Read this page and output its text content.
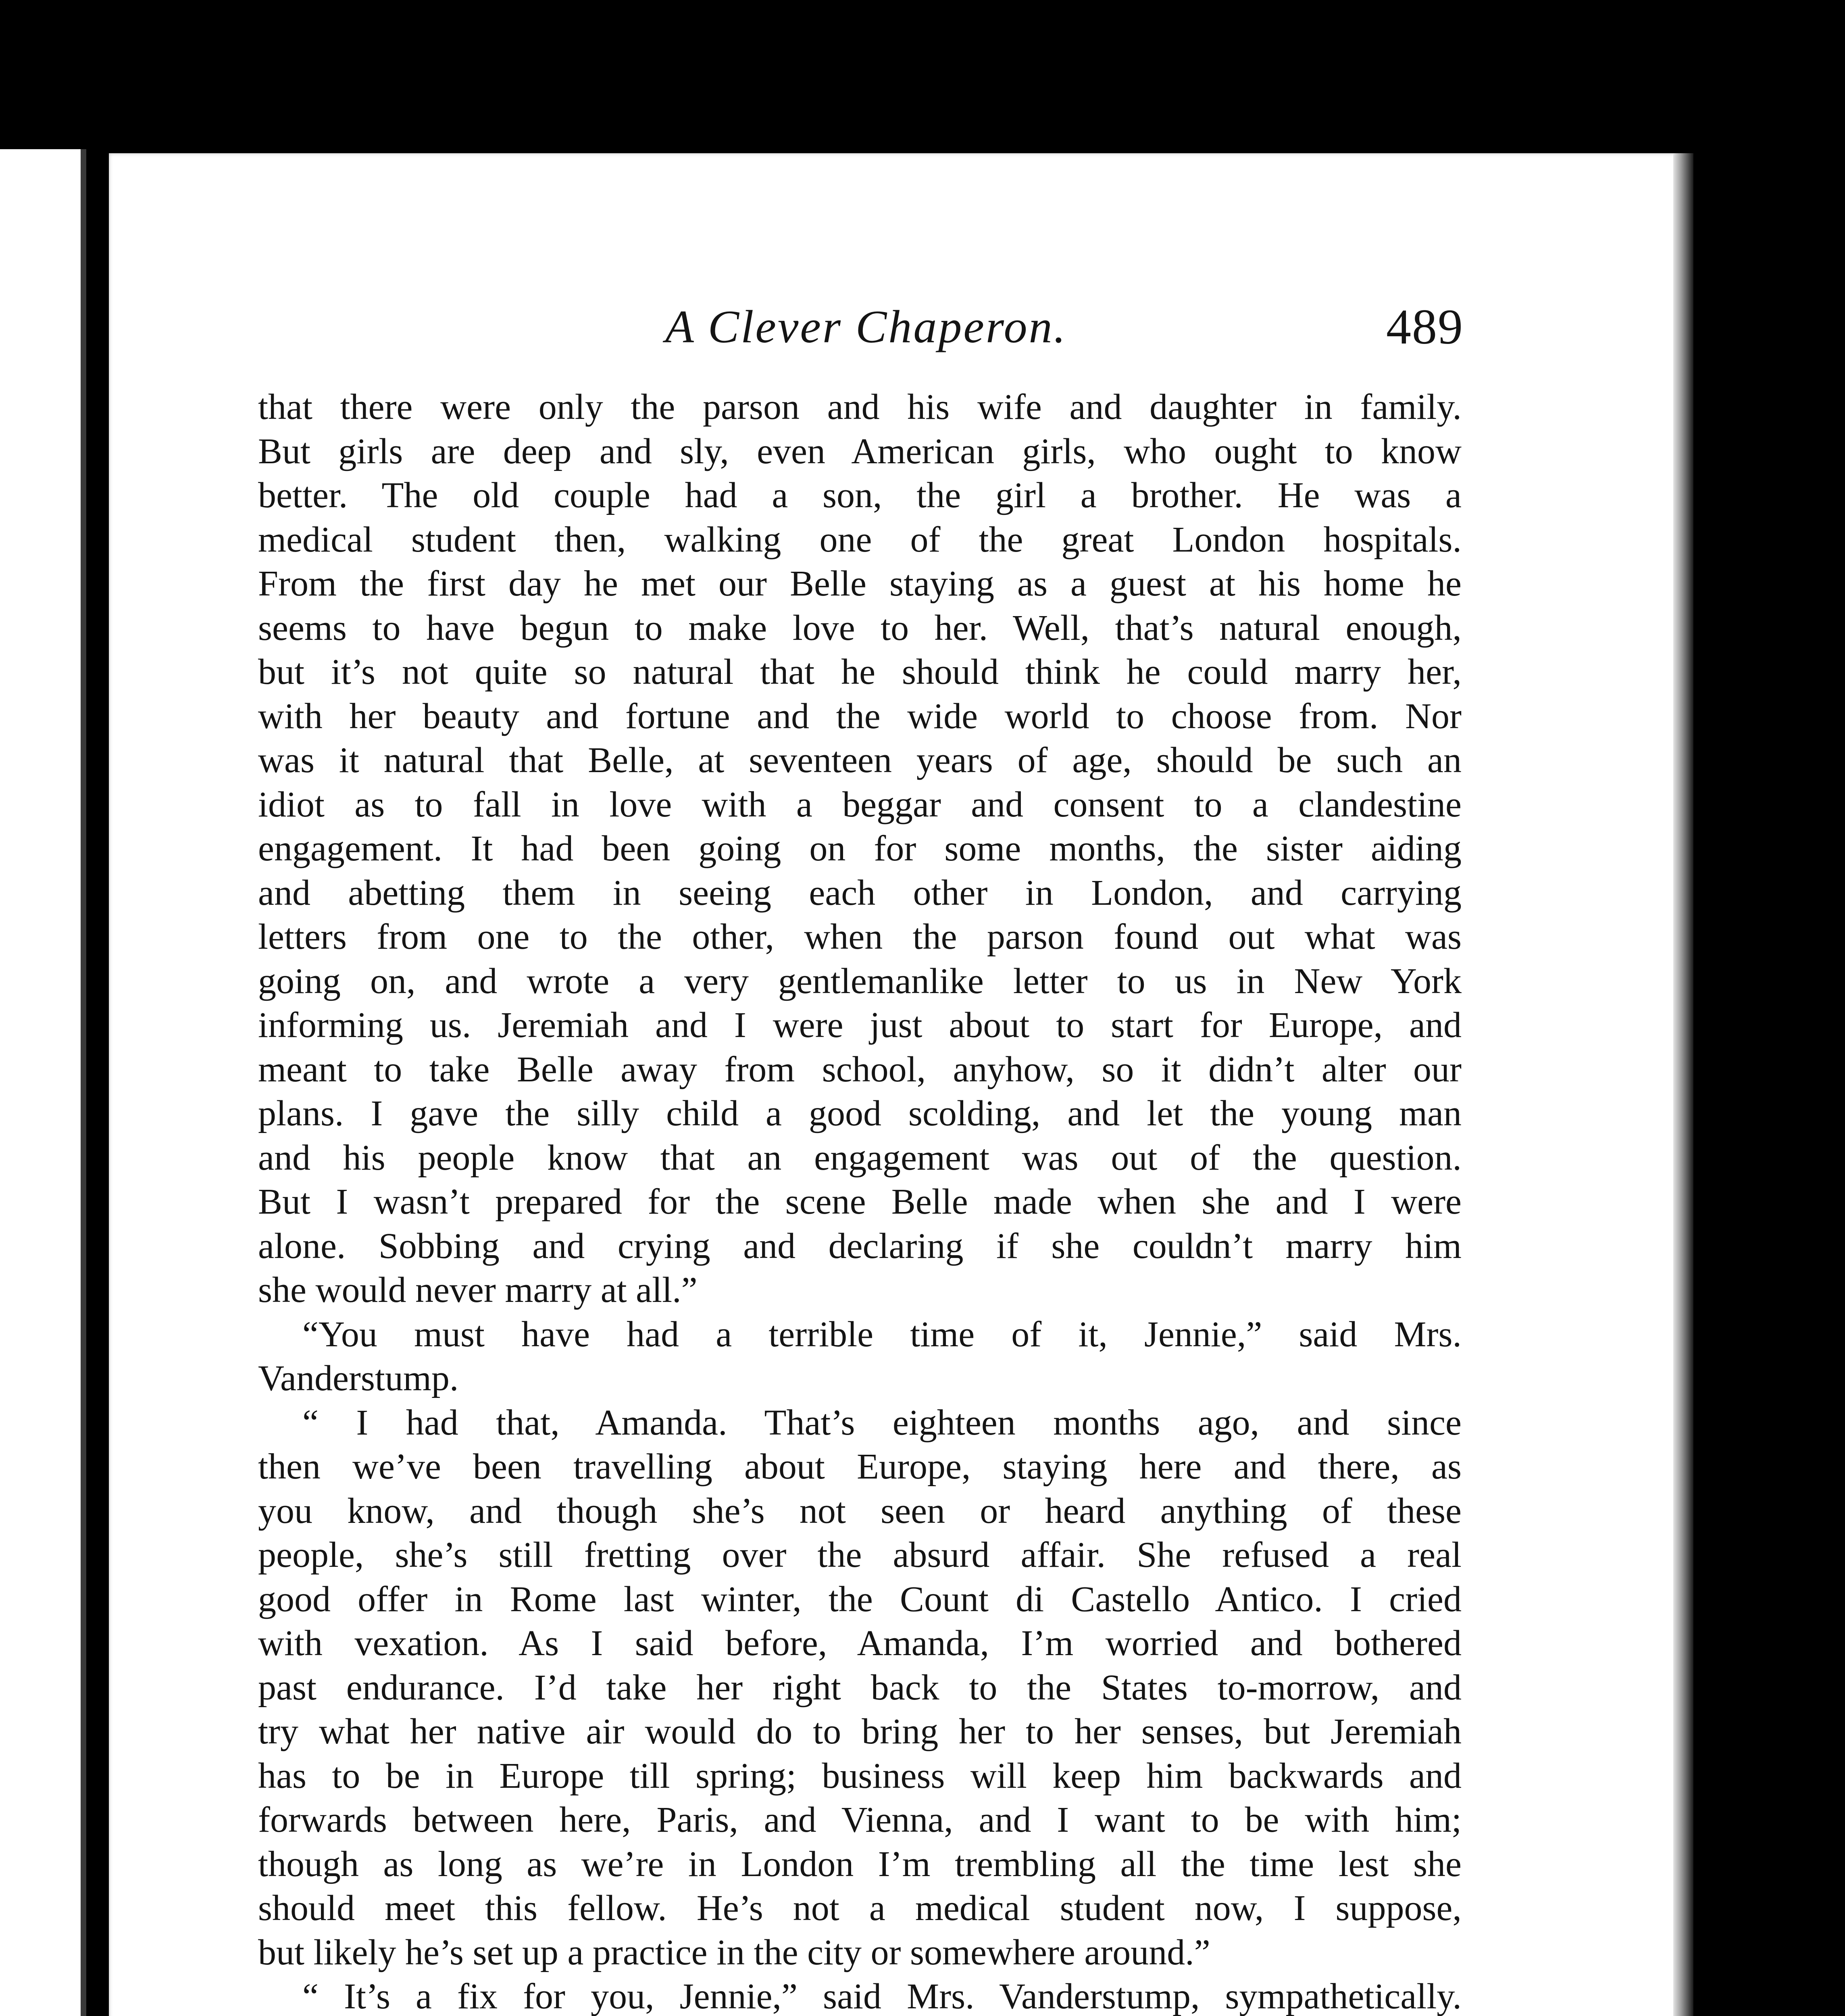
A Clever Chaperon.	489
that there were only the parson and his wife and daughter in family.
But girls are deep and sly, even American girls, who ought to know
better. The old couple had a son, the girl a brother. He was a
medical student then, walking one of the great London hospitals.
From the first day he met our Belle staying as a guest at his home he
seems to have begun to make love to her. Well, that’s natural enough,
but it’s not quite so natural that he should think he could marry her,
with her beauty and fortune and the wide world to choose from. Nor
was it natural that Belle, at seventeen years of age, should be such an
idiot as to fall in love with a beggar and consent to a clandestine
engagement. It had been going on for some months, the sister aiding
and abetting them in seeing each other in London, and carrying
letters from one to the other, when the parson found out what was
going on, and wrote a very gentlemanlike letter to us in New York
informing us. Jeremiah and I were just about to start for Europe, and
meant to take Belle away from school, anyhow, so it didn’t alter our
plans. I gave the silly child a good scolding, and let the young man
and his people know that an engagement was out of the question.
But I wasn’t prepared for the scene Belle made when she and I were
alone. Sobbing and crying and declaring if she couldn’t marry him
she would never marry at all.”
“You must have had a terrible time of it, Jennie,” said Mrs.
Vanderstump.
“ I had that, Amanda. That’s eighteen months ago, and since
then we’ve been travelling about Europe, staying here and there, as
you know, and though she’s not seen or heard anything of these
people, she’s still fretting over the absurd affair. She refused a real
good offer in Rome last winter, the Count di Castello Antico. I cried
with vexation. As I said before, Amanda, I’m worried and bothered
past endurance. I’d take her right back to the States to-morrow, and
try what her native air would do to bring her to her senses, but Jeremiah
has to be in Europe till spring; business will keep him backwards and
forwards between here, Paris, and Vienna, and I want to be with him;
though as long as we’re in London I’m trembling all the time lest she
should meet this fellow. He’s not a medical student now, I suppose,
but likely he’s set up a practice in the city or somewhere around.”
“ It’s a fix for you, Jennie,” said Mrs. Vanderstump, sympathetically.
